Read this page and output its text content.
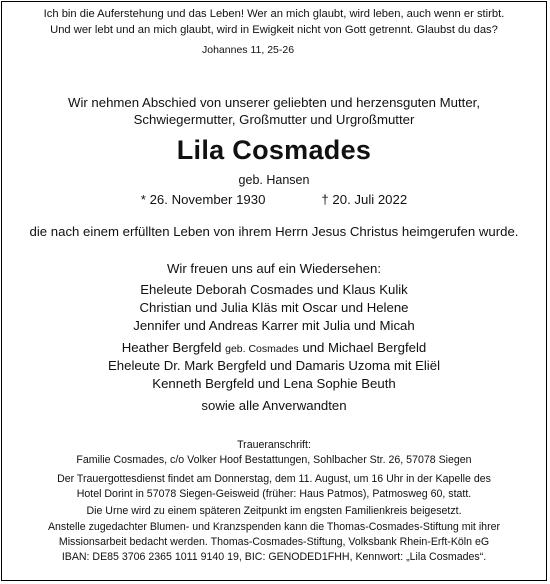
Ich bin die Auferstehung und das Leben! Wer an mich glaubt, wird leben, auch wenn er stirbt.
Und wer lebt und an mich glaubt, wird in Ewigkeit nicht von Gott getrennt. Glaubst du das?
Johannes 11, 25-26
Wir nehmen Abschied von unserer geliebten und herzensguten Mutter,
Schwiegermutter, Großmutter und Urgroßmutter
Lila Cosmades
geb. Hansen
* 26. November 1930	† 20. Juli 2022
die nach einem erfüllten Leben von ihrem Herrn Jesus Christus heimgerufen wurde.
Wir freuen uns auf ein Wiedersehen:
Eheleute Deborah Cosmades und Klaus Kulik
Christian und Julia Kläs mit Oscar und Helene
Jennifer und Andreas Karrer mit Julia und Micah
Heather Bergfeld geb. Cosmades und Michael Bergfeld
Eheleute Dr. Mark Bergfeld und Damaris Uzoma mit Eliël
Kenneth Bergfeld und Lena Sophie Beuth
sowie alle Anverwandten
Traueranschrift:
Familie Cosmades, c/o Volker Hoof Bestattungen, Sohlbacher Str. 26, 57078 Siegen
Der Trauergottesdienst findet am Donnerstag, dem 11. August, um 16 Uhr in der Kapelle des
Hotel Dorint in 57078 Siegen-Geisweid (früher: Haus Patmos), Patmosweg 60, statt.
Die Urne wird zu einem späteren Zeitpunkt im engsten Familienkreis beigesetzt.
Anstelle zugedachter Blumen- und Kranzspenden kann die Thomas-Cosmades-Stiftung mit ihrer
Missionsarbeit bedacht werden. Thomas-Cosmades-Stiftung, Volksbank Rhein-Erft-Köln eG
IBAN: DE85 3706 2365 1011 9140 19, BIC: GENODED1FHH, Kennwort: „Lila Cosmades“.
